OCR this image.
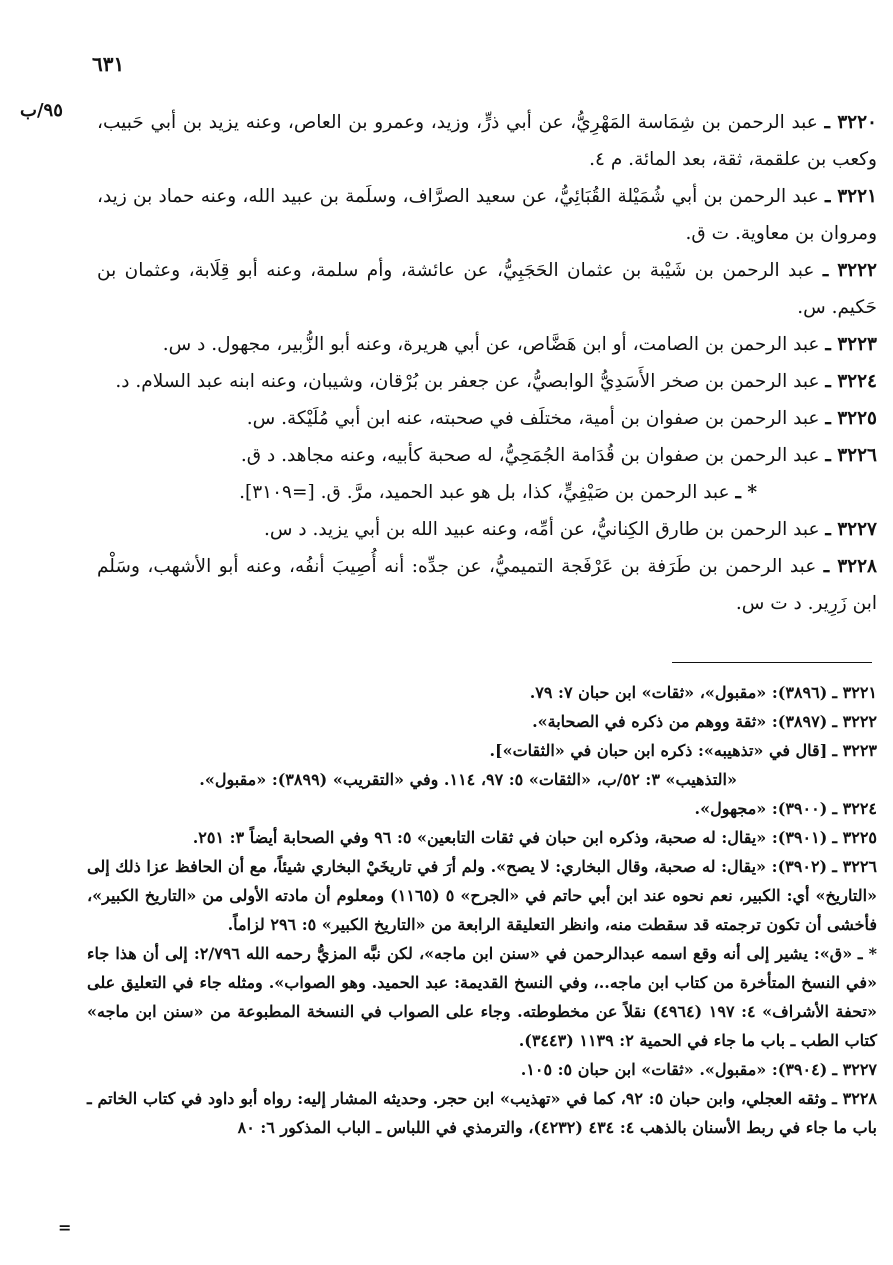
٦٣١
٩٥/ب

٣٢٢٠ ـ عبد الرحمن بن شِمَاسة المَهْرِيُّ، عن أبي ذرٍّ، وزيد، وعمرو بن العاص، وعنه يزيد بن أبي حَبيب، وكعب بن علقمة، ثقة، بعد المائة. م ٤.

٣٢٢١ ـ عبد الرحمن بن أبي شُمَيْلة القُبَائِيُّ، عن سعيد الصرَّاف، وسلَمة بن عبيد الله، وعنه حماد بن زيد، ومروان بن معاوية. ت ق.

٣٢٢٢ ـ عبد الرحمن بن شَيْبة بن عثمان الحَجَبِيُّ، عن عائشة، وأم سلمة، وعنه أبو قِلَابة، وعثمان بن حَكيم. س.

٣٢٢٣ ـ عبد الرحمن بن الصامت، أو ابن هَضَّاص، عن أبي هريرة، وعنه أبو الزُّبير، مجهول. د س.

٣٢٢٤ ـ عبد الرحمن بن صخر الأَسَدِيُّ الوابصيُّ، عن جعفر بن بُرْقان، وشيبان، وعنه ابنه عبد السلام. د.

٣٢٢٥ ـ عبد الرحمن بن صفوان بن أمية، مختلَف في صحبته، عنه ابن أبي مُلَيْكة. س.

٣٢٢٦ ـ عبد الرحمن بن صفوان بن قُدَامة الجُمَحِيُّ، له صحبة كأبيه، وعنه مجاهد. د ق.

* ـ عبد الرحمن بن صَيْفِيٍّ، كذا، بل هو عبد الحميد، مرَّ. ق. [=٣١٠٩].

٣٢٢٧ ـ عبد الرحمن بن طارق الكِنانيُّ، عن أمِّه، وعنه عبيد الله بن أبي يزيد. د س.

٣٢٢٨ ـ عبد الرحمن بن طَرَفة بن عَرْفَجة التميميُّ، عن جدِّه: أنه أُصِيبَ أنفُه، وعنه أبو الأشهب، وسَلْم ابن زَرِير. د ت س.

٣٢٢١ ـ (٣٨٩٦): «مقبول»، «ثقات» ابن حبان ٧: ٧٩.

٣٢٢٢ ـ (٣٨٩٧): «ثقة ووهم من ذكره في الصحابة».

٣٢٢٣ ـ [قال في «تذهيبه»: ذكره ابن حبان في «الثقات»].

«التذهيب» ٣: ٥٢/ب، «الثقات» ٥: ٩٧، ١١٤. وفي «التقريب» (٣٨٩٩): «مقبول».

٣٢٢٤ ـ (٣٩٠٠): «مجهول».

٣٢٢٥ ـ (٣٩٠١): «يقال: له صحبة، وذكره ابن حبان في ثقات التابعين» ٥: ٩٦ وفي الصحابة أيضاً ٣: ٢٥١.

٣٢٢٦ ـ (٣٩٠٢): «يقال: له صحبة، وقال البخاري: لا يصح». ولم أرَ في تاريخَيْ البخاري شيئاً، مع أن الحافظ عزا ذلك إلى «التاريخ» أي: الكبير، نعم نحوه عند ابن أبي حاتم في «الجرح» ٥ (١١٦٥) ومعلوم أن مادته الأولى من «التاريخ الكبير»، فأخشى أن تكون ترجمته قد سقطت منه، وانظر التعليقة الرابعة من «التاريخ الكبير» ٥: ٢٩٦ لزاماً.

* ـ «ق»: يشير إلى أنه وقع اسمه عبدالرحمن في «سنن ابن ماجه»، لكن نبَّه المزيُّ رحمه الله ٢/٧٩٦: إلى أن هذا جاء «في النسخ المتأخرة من كتاب ابن ماجه..، وفي النسخ القديمة: عبد الحميد. وهو الصواب». ومثله جاء في التعليق على «تحفة الأشراف» ٤: ١٩٧ (٤٩٦٤) نقلاً عن مخطوطته. وجاء على الصواب في النسخة المطبوعة من «سنن ابن ماجه» كتاب الطب ـ باب ما جاء في الحمية ٢: ١١٣٩ (٣٤٤٣).

٣٢٢٧ ـ (٣٩٠٤): «مقبول». «ثقات» ابن حبان ٥: ١٠٥.

٣٢٢٨ ـ وثقه العجلي، وابن حبان ٥: ٩٢، كما في «تهذيب» ابن حجر. وحديثه المشار إليه: رواه أبو داود في كتاب الخاتم ـ باب ما جاء في ربط الأسنان بالذهب ٤: ٤٣٤ (٤٢٣٢)، والترمذي في اللباس ـ الباب المذكور ٦: ٨٠

=
